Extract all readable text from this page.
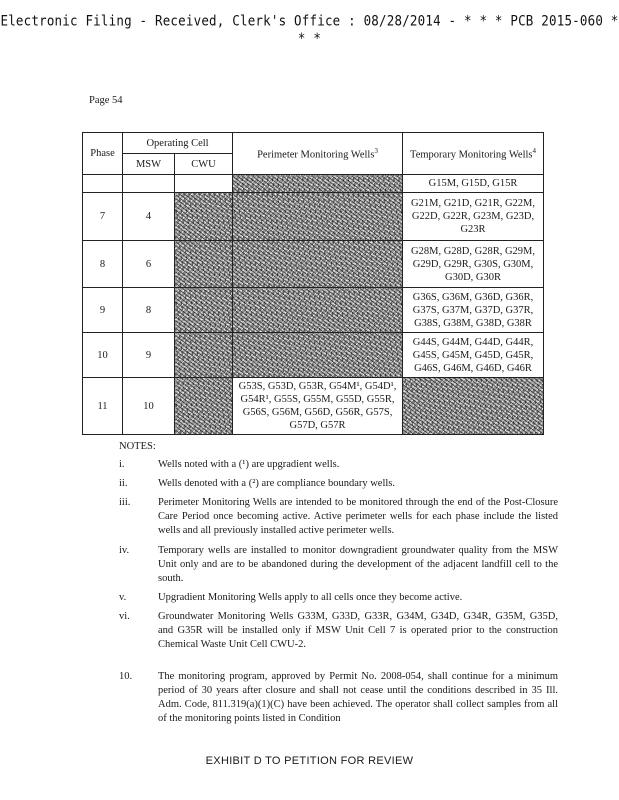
Electronic Filing - Received, Clerk's Office : 08/28/2014 - * * * PCB 2015-060 * * *
Page 54
Phase	Operating Cell		Perimeter Monitoring Wells$^3$	Temporary Monitoring Wells$^4$
	MSW	CWU		
				G15M, G15D, G15R
7	4			G21M, G21D, G21R, G22M, G22D, G22R, G23M, G23D, G23R
8	6			G28M, G28D, G28R, G29M, G29D, G29R, G30S, G30M, G30D, G30R
9	8			G36S, G36M, G36D, G36R, G37S, G37M, G37D, G37R, G38S, G38M, G38D, G38R
10	9			G44S, G44M, G44D, G44R, G45S, G45M, G45D, G45R, G46S, G46M, G46D, G46R
11	10		G53S, G53D, G53R, G54M¹, G54D¹, G54R¹, G55S, G55M, G55D, G55R, G56S, G56M, G56D, G56R, G57S, G57D, G57R	
NOTES:
i.	Wells noted with a (¹) are upgradient wells.
ii.	Wells denoted with a (²) are compliance boundary wells.
iii.	Perimeter Monitoring Wells are intended to be monitored through the end of the Post-Closure Care Period once becoming active. Active perimeter wells for each phase include the listed wells and all previously installed active perimeter wells.
iv.	Temporary wells are installed to monitor downgradient groundwater quality from the MSW Unit only and are to be abandoned during the development of the adjacent landfill cell to the south.
v.	Upgradient Monitoring Wells apply to all cells once they become active.
vi.	Groundwater Monitoring Wells G33M, G33D, G33R, G34M, G34D, G34R, G35M, G35D, and G35R will be installed only if MSW Unit Cell 7 is operated prior to the construction Chemical Waste Unit Cell CWU-2.
10.	The monitoring program, approved by Permit No. 2008-054, shall continue for a minimum period of 30 years after closure and shall not cease until the conditions described in 35 Ill. Adm. Code, 811.319(a)(1)(C) have been achieved. The operator shall collect samples from all of the monitoring points listed in Condition
EXHIBIT D TO PETITION FOR REVIEW
